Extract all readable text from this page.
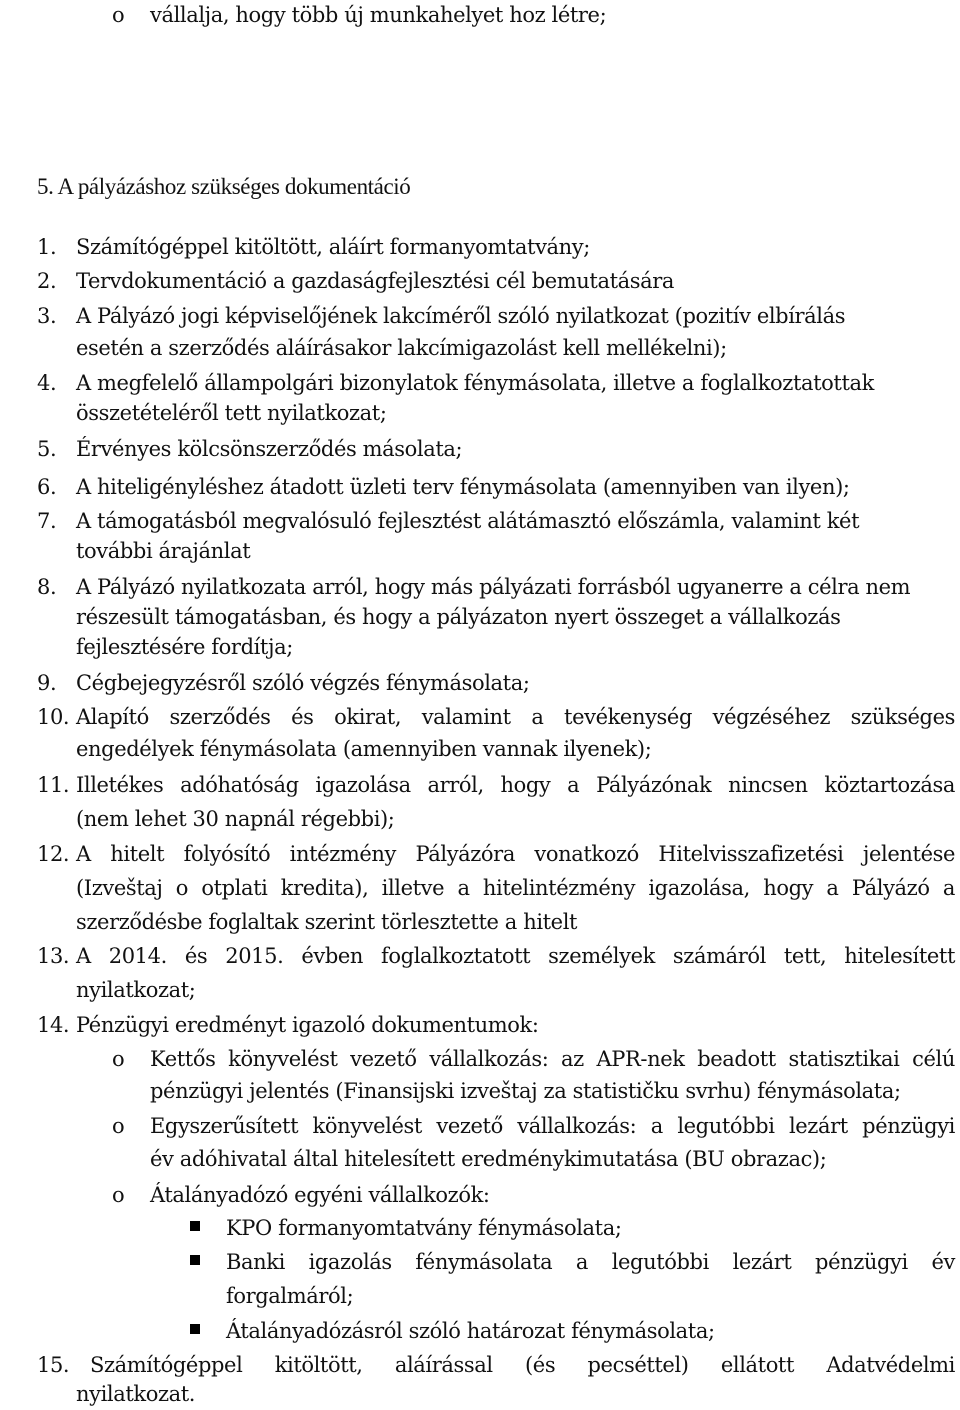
o	vállalja, hogy több új munkahelyet hoz létre;
5. A pályázáshoz szükséges dokumentáció
1. Számítógéppel kitöltött, aláírt formanyomtatvány;
2. Tervdokumentáció a gazdaságfejlesztési cél bemutatására
3. A Pályázó jogi képviselőjének lakcíméről szóló nyilatkozat (pozitív elbírálás
esetén a szerződés aláírásakor lakcímigazolást kell mellékelni);
4. A megfelelő állampolgári bizonylatok fénymásolata, illetve a foglalkoztatottak
összetételéről tett nyilatkozat;
5. Érvényes kölcsönszerződés másolata;
6. A hiteligényléshez átadott üzleti terv fénymásolata (amennyiben van ilyen);
7. A támogatásból megvalósuló fejlesztést alátámasztó előszámla, valamint két
további árajánlat
8. A Pályázó nyilatkozata arról, hogy más pályázati forrásból ugyanerre a célra nem
részesült támogatásban, és hogy a pályázaton nyert összeget a vállalkozás
fejlesztésére fordítja;
9. Cégbejegyzésről szóló végzés fénymásolata;
10. Alapító szerződés és okirat, valamint a tevékenység végzéséhez szükséges
engedélyek fénymásolata (amennyiben vannak ilyenek);
11. Illetékes adóhatóság igazolása arról, hogy a Pályázónak nincsen köztartozása
(nem lehet 30 napnál régebbi);
12. A hitelt folyósító intézmény Pályázóra vonatkozó Hitelvisszafizetési jelentése
(Izveštaj o otplati kredita), illetve a hitelintézmény igazolása, hogy a Pályázó a
szerződésbe foglaltak szerint törlesztette a hitelt
13. A 2014. és 2015. évben foglalkoztatott személyek számáról tett, hitelesített
nyilatkozat;
14. Pénzügyi eredményt igazoló dokumentumok:
o	Kettős könyvelést vezető vállalkozás: az APR-nek beadott statisztikai célú
pénzügyi jelentés (Finansijski izveštaj za statističku svrhu) fénymásolata;
o	Egyszerűsített könyvelést vezető vállalkozás: a legutóbbi lezárt pénzügyi
év adóhivatal által hitelesített eredménykimutatása (BU obrazac);
o	Átalányadózó egyéni vállalkozók:
KPO formanyomtatvány fénymásolata;
Banki igazolás fénymásolata a legutóbbi lezárt pénzügyi év
forgalmáról;
Átalányadózásról szóló határozat fénymásolata;
15. Számítógéppel kitöltött, aláírással (és pecséttel) ellátott Adatvédelmi
nyilatkozat.
